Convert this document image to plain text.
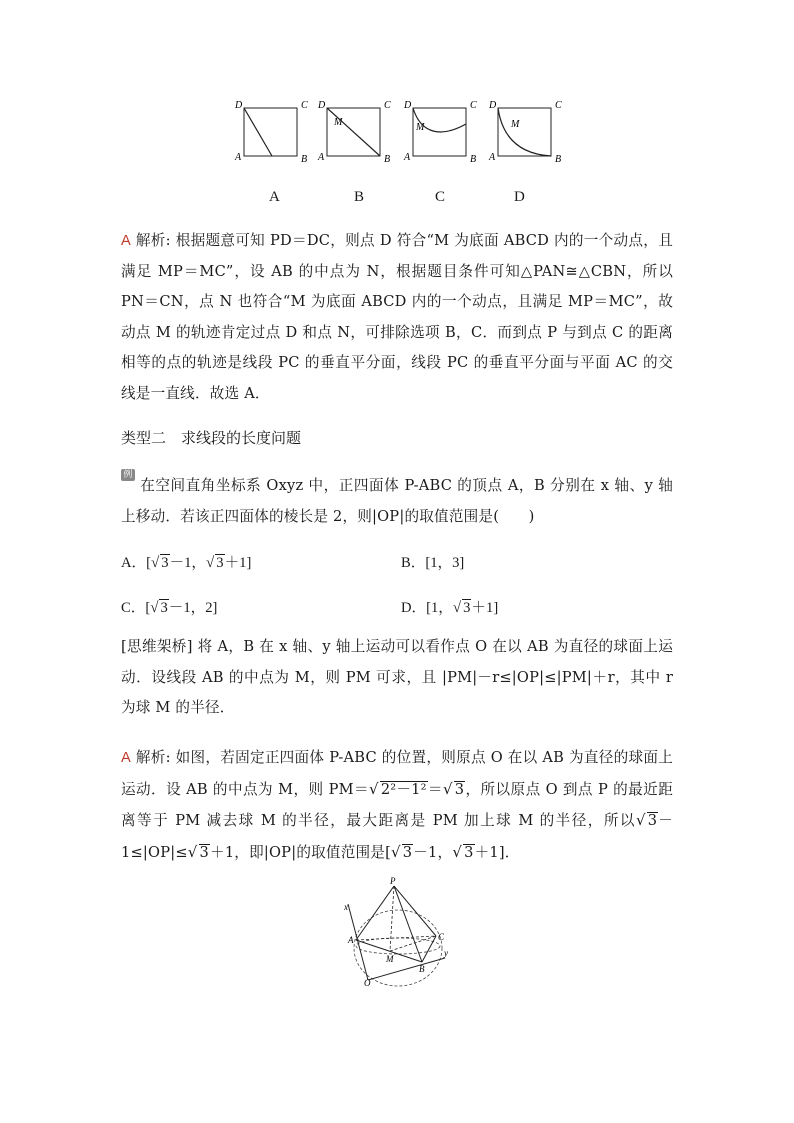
D	C
A	B
D	C
A	B
M
D	C
A	B
M
D	C
A	B
M
A	B	C	D
A 解析: 根据题意可知 PD＝DC，则点 D 符合“M 为底面 ABCD 内的一个动点，且满足 MP＝MC”，设 AB 的中点为 N，根据题目条件可知△PAN≅△CBN，所以 PN＝CN，点 N 也符合“M 为底面 ABCD 内的一个动点，且满足 MP＝MC”，故动点 M 的轨迹肯定过点 D 和点 N，可排除选项 B，C．而到点 P 与到点 C 的距离相等的点的轨迹是线段 PC 的垂直平分面，线段 PC 的垂直平分面与平面 AC 的交线是一直线．故选 A．
类型二　求线段的长度问题
例2 在空间直角坐标系 Oxyz 中，正四面体 P-ABC 的顶点 A，B 分别在 x 轴、y 轴上移动．若该正四面体的棱长是 2，则|OP|的取值范围是(　　)
A．[√ 3－1，√ 3＋1]	B．[1，3]
C．[√ 3－1，2]	D．[1，√ 3＋1]
[思维架桥] 将 A，B 在 x 轴、y 轴上运动可以看作点 O 在以 AB 为直径的球面上运动．设线段 AB 的中点为 M，则 PM 可求，且 |PM|－r≤|OP|≤|PM|＋r，其中 r 为球 M 的半径．
A 解析: 如图，若固定正四面体 P-ABC 的位置，则原点 O 在以 AB 为直径的球面上运动．设 AB 的中点为 M，则 PM＝√ 2²－1²＝√ 3，所以原点 O 到点 P 的最近距离等于 PM 减去球 M 的半径，最大距离是 PM 加上球 M 的半径，所以√ 3－1≤|OP|≤√ 3＋1，即|OP|的取值范围是[√ 3－1，√ 3＋1]．
P
A	C
B
M
O
x
y
